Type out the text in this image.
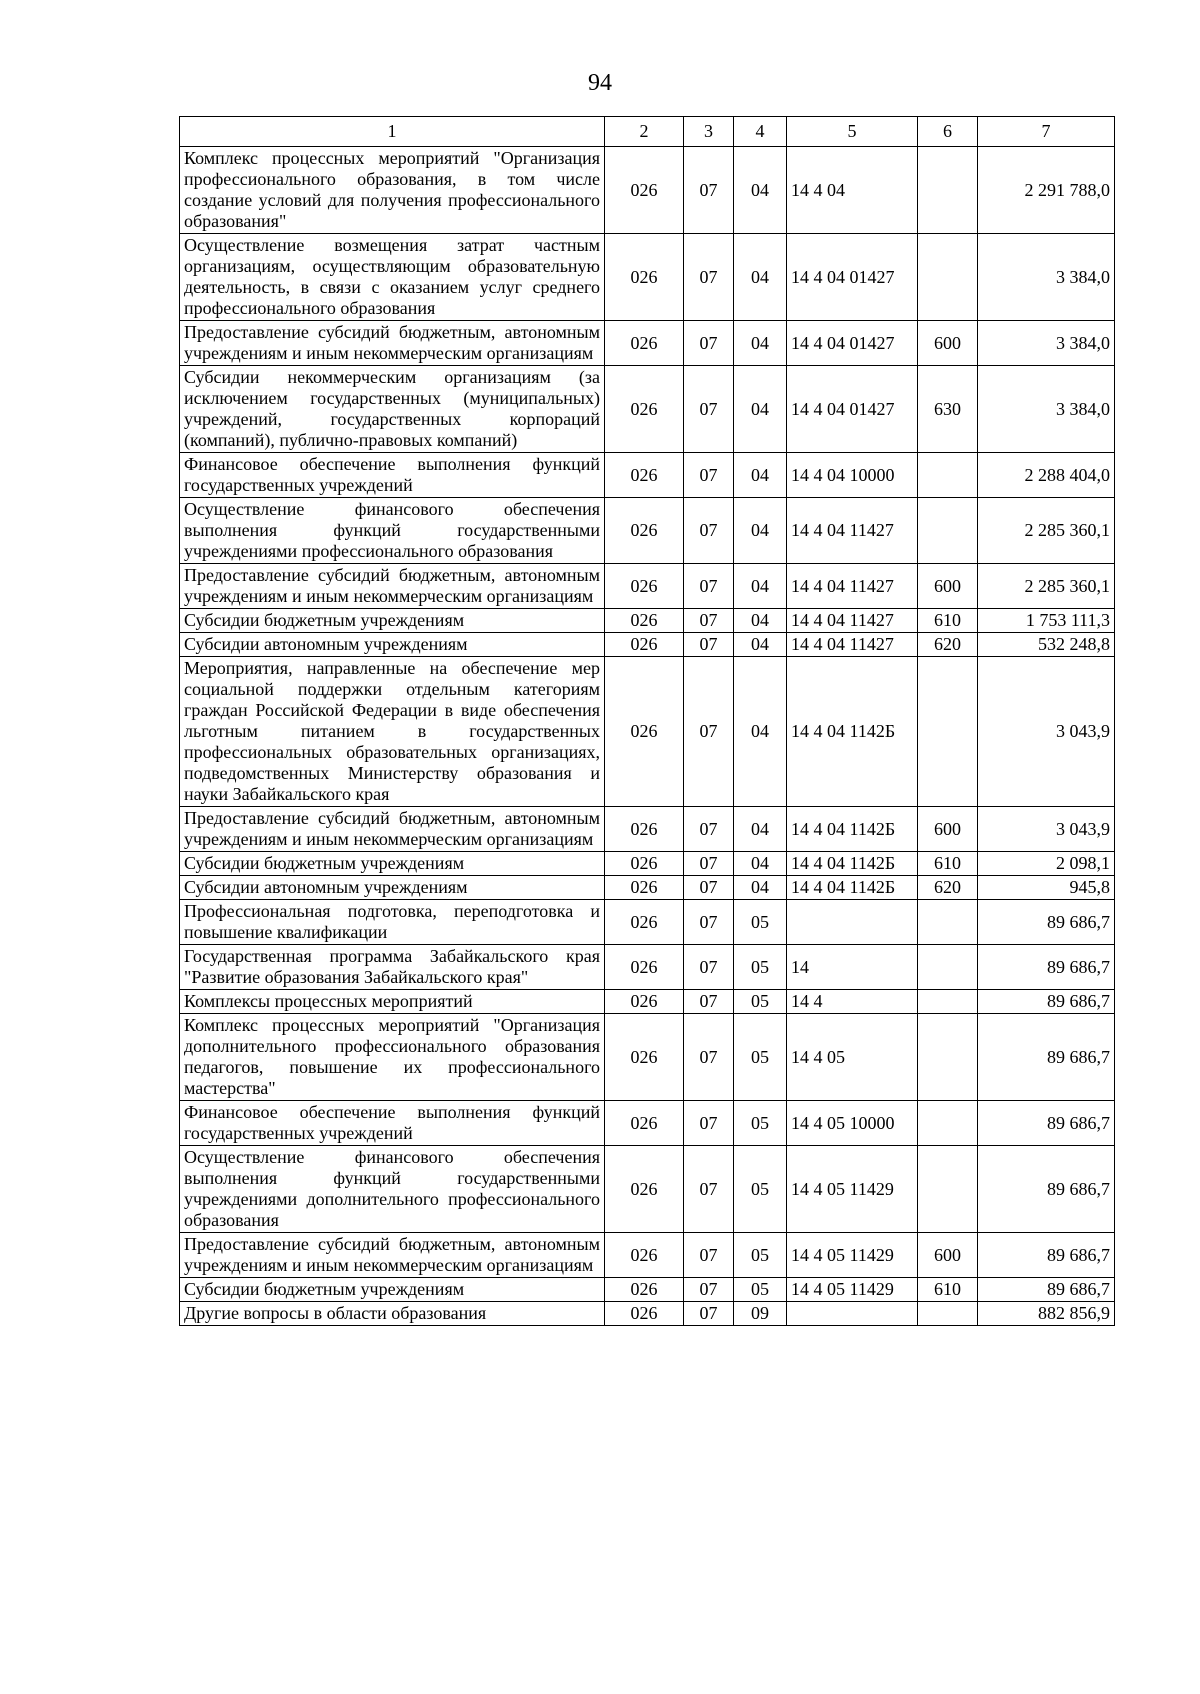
94
1	2	3	4	5	6	7
Комплекс процессных мероприятий "Организация профессионального образования, в том числе создание условий для получения профессионального образования"	026	07	04	14 4 04		2 291 788,0
Осуществление возмещения затрат частным организациям, осуществляющим образовательную деятельность, в связи с оказанием услуг среднего профессионального образования	026	07	04	14 4 04 01427		3 384,0
Предоставление субсидий бюджетным, автономным учреждениям и иным некоммерческим организациям	026	07	04	14 4 04 01427	600	3 384,0
Субсидии некоммерческим организациям (за исключением государственных (муниципальных) учреждений, государственных корпораций (компаний), публично-правовых компаний)	026	07	04	14 4 04 01427	630	3 384,0
Финансовое обеспечение выполнения функций государственных учреждений	026	07	04	14 4 04 10000		2 288 404,0
Осуществление финансового обеспечения выполнения функций государственными учреждениями профессионального образования	026	07	04	14 4 04 11427		2 285 360,1
Предоставление субсидий бюджетным, автономным учреждениям и иным некоммерческим организациям	026	07	04	14 4 04 11427	600	2 285 360,1
Субсидии бюджетным учреждениям	026	07	04	14 4 04 11427	610	1 753 111,3
Субсидии автономным учреждениям	026	07	04	14 4 04 11427	620	532 248,8
Мероприятия, направленные на обеспечение мер социальной поддержки отдельным категориям граждан Российской Федерации в виде обеспечения льготным питанием в государственных профессиональных образовательных организациях, подведомственных Министерству образования и науки Забайкальского края	026	07	04	14 4 04 1142Б		3 043,9
Предоставление субсидий бюджетным, автономным учреждениям и иным некоммерческим организациям	026	07	04	14 4 04 1142Б	600	3 043,9
Субсидии бюджетным учреждениям	026	07	04	14 4 04 1142Б	610	2 098,1
Субсидии автономным учреждениям	026	07	04	14 4 04 1142Б	620	945,8
Профессиональная подготовка, переподготовка и повышение квалификации	026	07	05			89 686,7
Государственная программа Забайкальского края "Развитие образования Забайкальского края"	026	07	05	14		89 686,7
Комплексы процессных мероприятий	026	07	05	14 4		89 686,7
Комплекс процессных мероприятий "Организация дополнительного профессионального образования педагогов, повышение их профессионального мастерства"	026	07	05	14 4 05		89 686,7
Финансовое обеспечение выполнения функций государственных учреждений	026	07	05	14 4 05 10000		89 686,7
Осуществление финансового обеспечения выполнения функций государственными учреждениями дополнительного профессионального образования	026	07	05	14 4 05 11429		89 686,7
Предоставление субсидий бюджетным, автономным учреждениям и иным некоммерческим организациям	026	07	05	14 4 05 11429	600	89 686,7
Субсидии бюджетным учреждениям	026	07	05	14 4 05 11429	610	89 686,7
Другие вопросы в области образования	026	07	09			882 856,9
